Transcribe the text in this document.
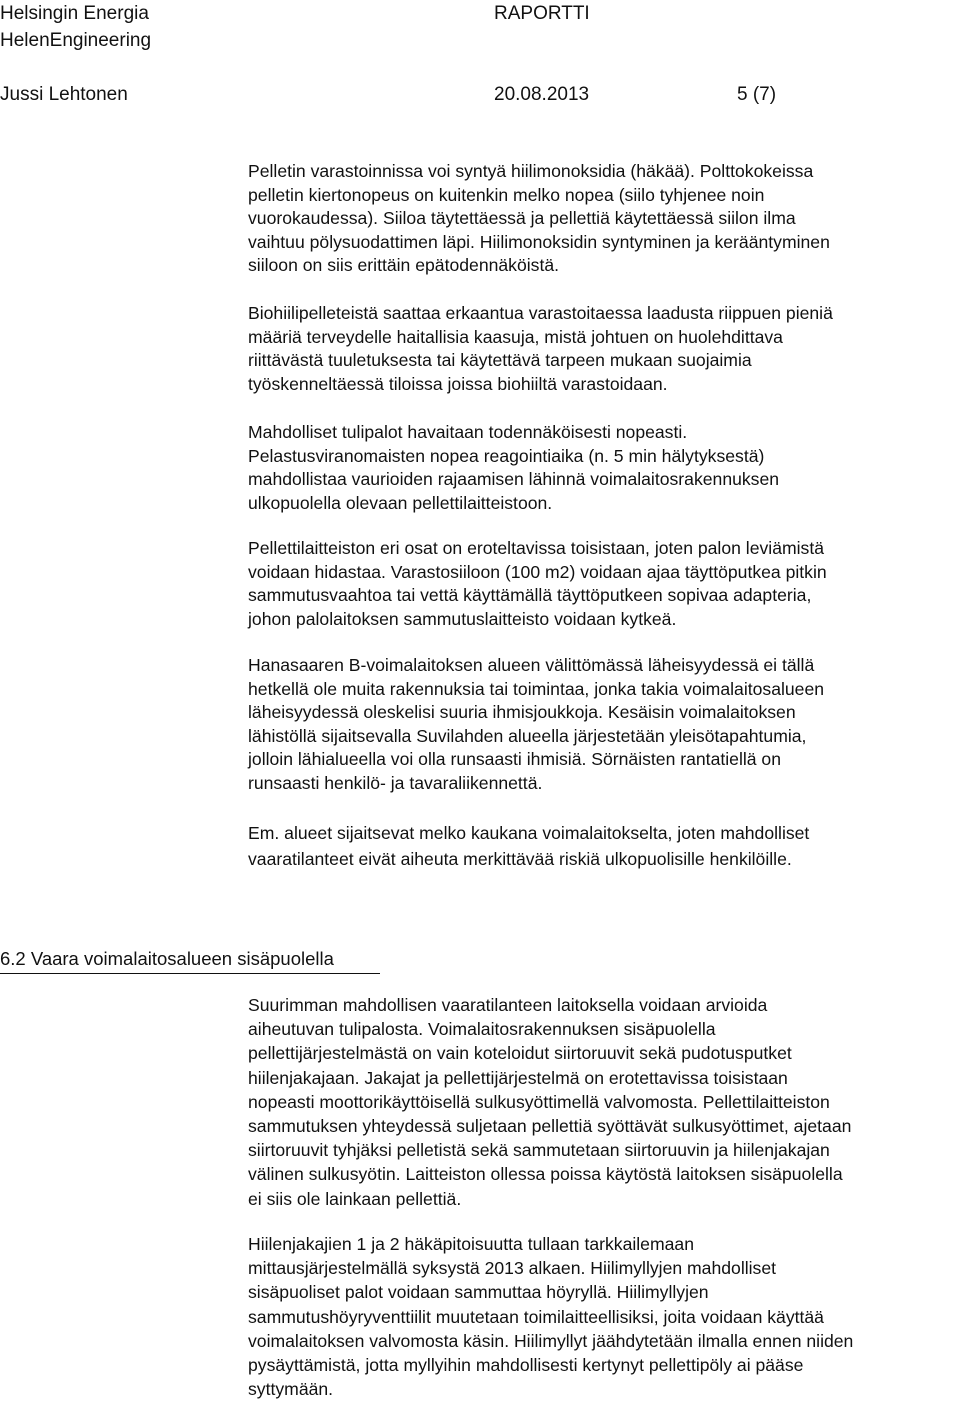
Helsingin Energia	RAPORTTI
HelenEngineering
Jussi Lehtonen	20.08.2013	5 (7)

Pelletin varastoinnissa voi syntyä hiilimonoksidia (häkää). Polttokokeissa
pelletin kiertonopeus on kuitenkin melko nopea (siilo tyhjenee noin
vuorokaudessa). Siiloa täytettäessä ja pellettiä käytettäessä siilon ilma
vaihtuu pölysuodattimen läpi. Hiilimonoksidin syntyminen ja kerääntyminen
siiloon on siis erittäin epätodennäköistä.

Biohiilipelleteistä saattaa erkaantua varastoitaessa laadusta riippuen pieniä
määriä terveydelle haitallisia kaasuja, mistä johtuen on huolehdittava
riittävästä tuuletuksesta tai käytettävä tarpeen mukaan suojaimia
työskenneltäessä tiloissa joissa biohiiltä varastoidaan.

Mahdolliset tulipalot havaitaan todennäköisesti nopeasti.
Pelastusviranomaisten nopea reagointiaika (n. 5 min hälytyksestä)
mahdollistaa vaurioiden rajaamisen lähinnä voimalaitosrakennuksen
ulkopuolella olevaan pellettilaitteistoon.

Pellettilaitteiston eri osat on eroteltavissa toisistaan, joten palon leviämistä
voidaan hidastaa. Varastosiiloon (100 m2) voidaan ajaa täyttöputkea pitkin
sammutusvaahtoa tai vettä käyttämällä täyttöputkeen sopivaa adapteria,
johon palolaitoksen sammutuslaitteisto voidaan kytkeä.

Hanasaaren B-voimalaitoksen alueen välittömässä läheisyydessä ei tällä
hetkellä ole muita rakennuksia tai toimintaa, jonka takia voimalaitosalueen
läheisyydessä oleskelisi suuria ihmisjoukkoja. Kesäisin voimalaitoksen
lähistöllä sijaitsevalla Suvilahden alueella järjestetään yleisötapahtumia,
jolloin lähialueella voi olla runsaasti ihmisiä. Sörnäisten rantatiellä on
runsaasti henkilö- ja tavaraliikennettä.

Em. alueet sijaitsevat melko kaukana voimalaitokselta, joten mahdolliset
vaaratilanteet eivät aiheuta merkittävää riskiä ulkopuolisille henkilöille.

6.2 Vaara voimalaitosalueen sisäpuolella

Suurimman mahdollisen vaaratilanteen laitoksella voidaan arvioida
aiheutuvan tulipalosta. Voimalaitosrakennuksen sisäpuolella
pellettijärjestelmästä on vain koteloidut siirtoruuvit sekä pudotusputket
hiilenjakajaan. Jakajat ja pellettijärjestelmä on erotettavissa toisistaan
nopeasti moottorikäyttöisellä sulkusyöttimellä valvomosta. Pellettilaitteiston
sammutuksen yhteydessä suljetaan pellettiä syöttävät sulkusyöttimet, ajetaan
siirtoruuvit tyhjäksi pelletistä sekä sammutetaan siirtoruuvin ja hiilenjakajan
välinen sulkusyötin. Laitteiston ollessa poissa käytöstä laitoksen sisäpuolella
ei siis ole lainkaan pellettiä.

Hiilenjakajien 1 ja 2 häkäpitoisuutta tullaan tarkkailemaan
mittausjärjestelmällä syksystä 2013 alkaen. Hiilimyllyjen mahdolliset
sisäpuoliset palot voidaan sammuttaa höyryllä. Hiilimyllyjen
sammutushöyryventtiilit muutetaan toimilaitteellisiksi, joita voidaan käyttää
voimalaitoksen valvomosta käsin. Hiilimyllyt jäähdytetään ilmalla ennen niiden
pysäyttämistä, jotta myllyihin mahdollisesti kertynyt pellettipöly ai pääse
syttymään.
